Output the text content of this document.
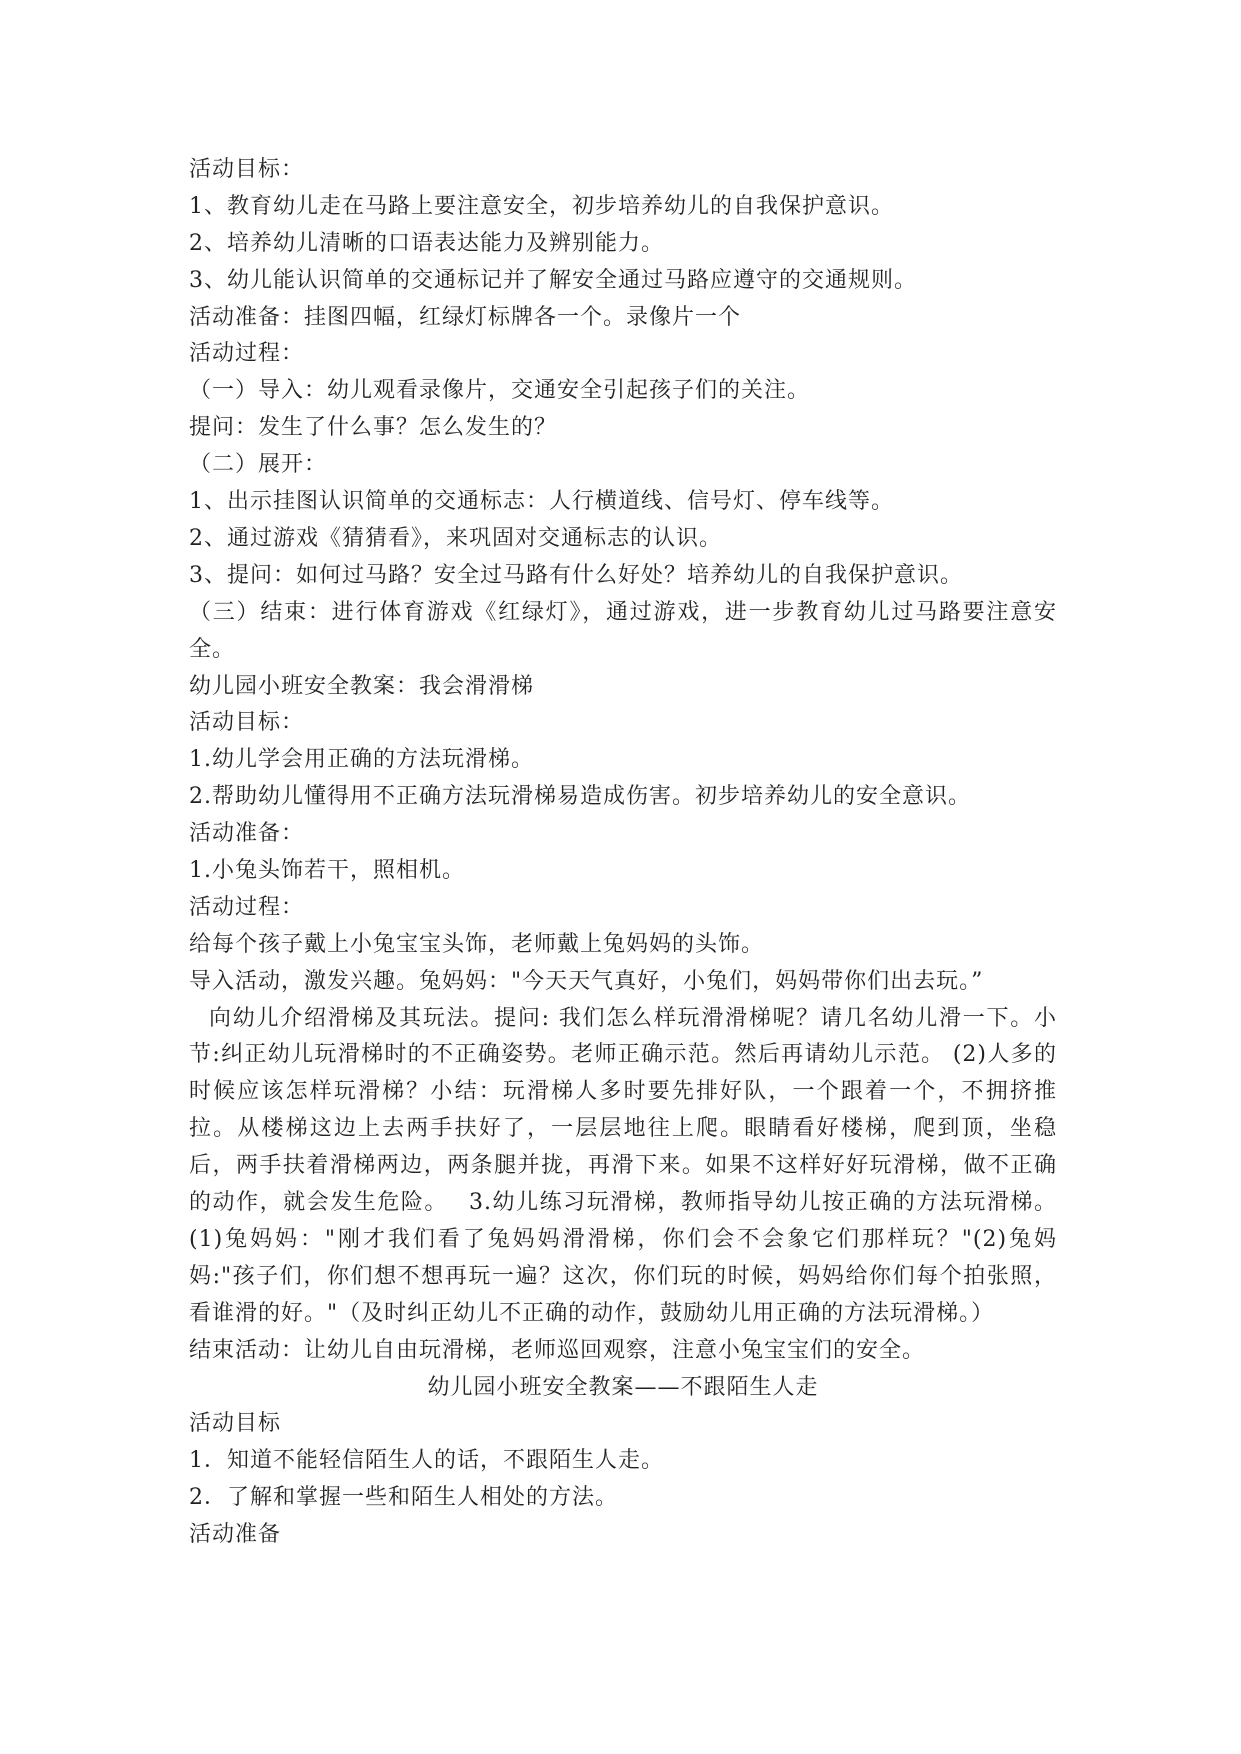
活动目标：
1、教育幼儿走在马路上要注意安全，初步培养幼儿的自我保护意识。
2、培养幼儿清晰的口语表达能力及辨别能力。
3、幼儿能认识简单的交通标记并了解安全通过马路应遵守的交通规则。
活动准备：挂图四幅，红绿灯标牌各一个。录像片一个
活动过程：
（一）导入：幼儿观看录像片，交通安全引起孩子们的关注。
提问：发生了什么事？怎么发生的？
（二）展开：
1、出示挂图认识简单的交通标志：人行横道线、信号灯、停车线等。
2、通过游戏《猜猜看》，来巩固对交通标志的认识。
3、提问：如何过马路？安全过马路有什么好处？培养幼儿的自我保护意识。
（三）结束：进行体育游戏《红绿灯》，通过游戏，进一步教育幼儿过马路要注意安全。
幼儿园小班安全教案：我会滑滑梯
活动目标：
1.幼儿学会用正确的方法玩滑梯。
2.帮助幼儿懂得用不正确方法玩滑梯易造成伤害。初步培养幼儿的安全意识。
活动准备：
1.小兔头饰若干，照相机。
活动过程：
给每个孩子戴上小兔宝宝头饰，老师戴上兔妈妈的头饰。
导入活动，激发兴趣。兔妈妈："今天天气真好，小兔们，妈妈带你们出去玩。”
向幼儿介绍滑梯及其玩法。提问: 我们怎么样玩滑滑梯呢？请几名幼儿滑一下。小节:纠正幼儿玩滑梯时的不正确姿势。老师正确示范。然后再请幼儿示范。 (2)人多的时候应该怎样玩滑梯？小结：玩滑梯人多时要先排好队，一个跟着一个，不拥挤推拉。从楼梯这边上去两手扶好了，一层层地往上爬。眼睛看好楼梯，爬到顶，坐稳后，两手扶着滑梯两边，两条腿并拢，再滑下来。如果不这样好好玩滑梯，做不正确的动作，就会发生危险。　 3.幼儿练习玩滑梯，教师指导幼儿按正确的方法玩滑梯。(1)兔妈妈："刚才我们看了兔妈妈滑滑梯，你们会不会象它们那样玩？"(2)兔妈妈:"孩子们，你们想不想再玩一遍？这次，你们玩的时候，妈妈给你们每个拍张照，看谁滑的好。"（及时纠正幼儿不正确的动作，鼓励幼儿用正确的方法玩滑梯。）
结束活动：让幼儿自由玩滑梯，老师巡回观察，注意小兔宝宝们的安全。
幼儿园小班安全教案——不跟陌生人走
活动目标
1．知道不能轻信陌生人的话，不跟陌生人走。
2．了解和掌握一些和陌生人相处的方法。
活动准备
